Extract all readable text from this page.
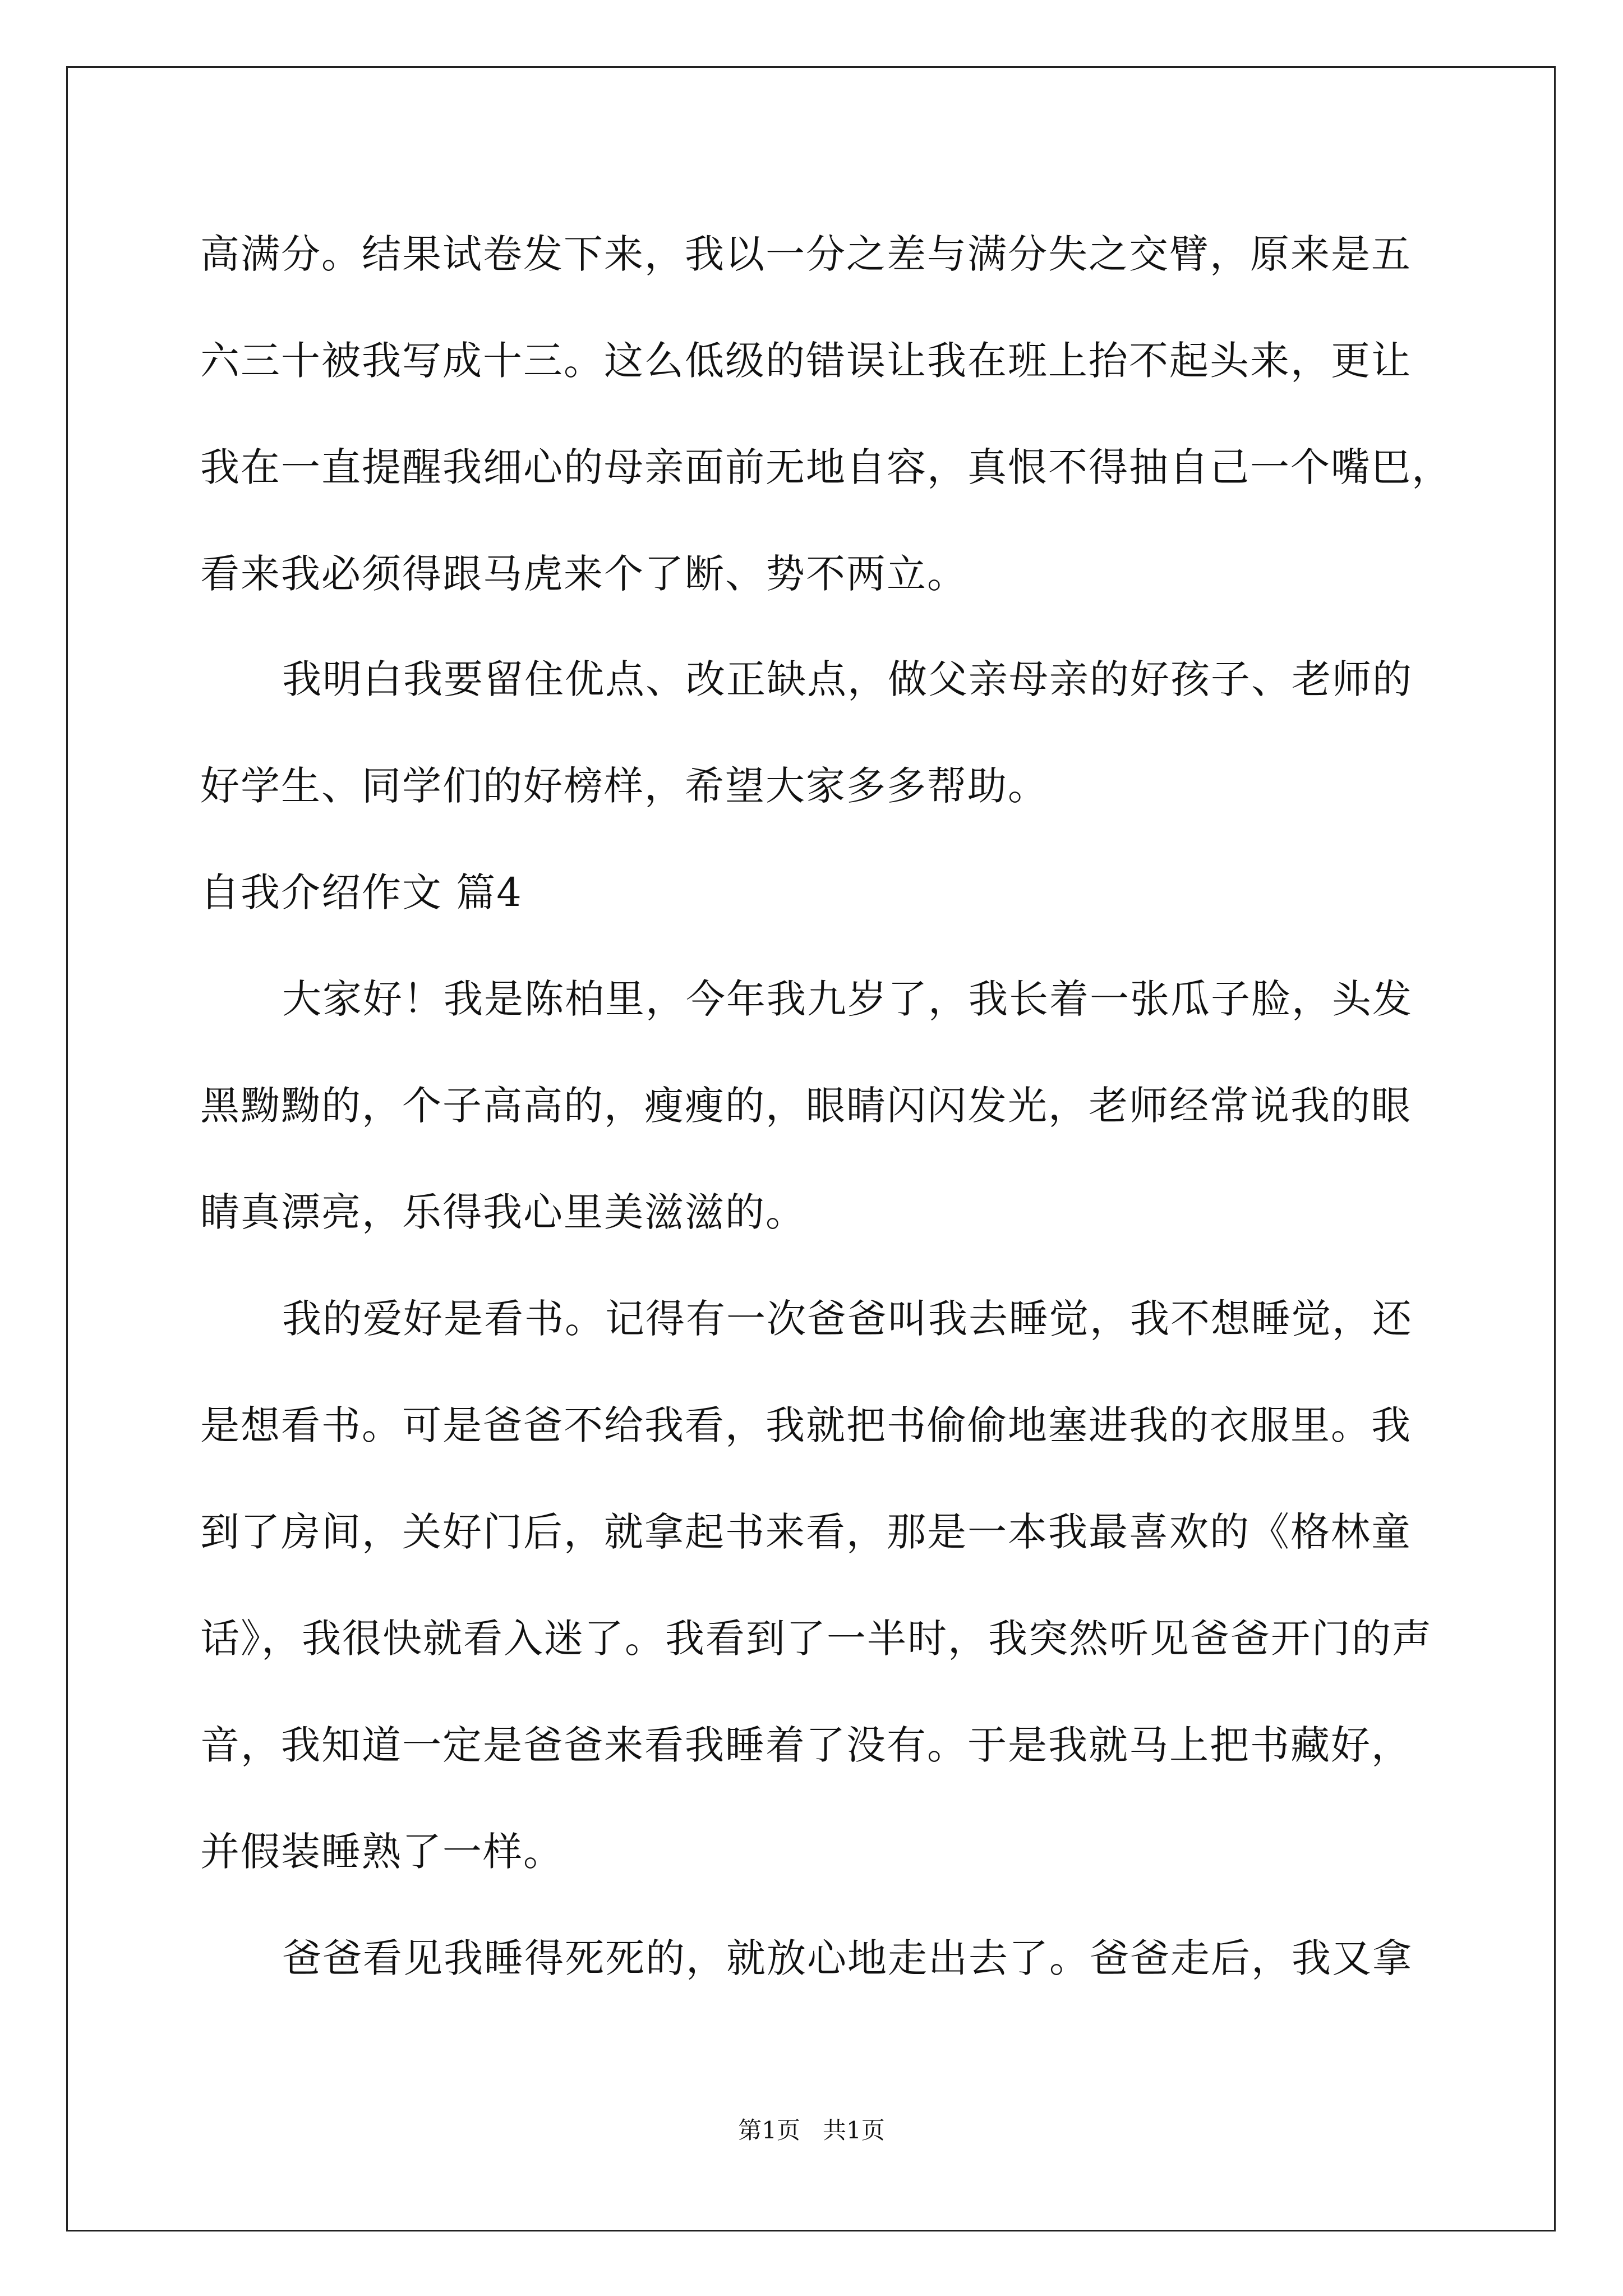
高满分。结果试卷发下来，我以一分之差与满分失之交臂，原来是五
六三十被我写成十三。这么低级的错误让我在班上抬不起头来，更让
我在一直提醒我细心的母亲面前无地自容，真恨不得抽自己一个嘴巴，
看来我必须得跟马虎来个了断、势不两立。
我明白我要留住优点、改正缺点，做父亲母亲的好孩子、老师的
好学生、同学们的好榜样，希望大家多多帮助。
自我介绍作文 篇4
大家好！我是陈柏里，今年我九岁了，我长着一张瓜子脸，头发
黑黝黝的，个子高高的，瘦瘦的，眼睛闪闪发光，老师经常说我的眼
睛真漂亮，乐得我心里美滋滋的。
我的爱好是看书。记得有一次爸爸叫我去睡觉，我不想睡觉，还
是想看书。可是爸爸不给我看，我就把书偷偷地塞进我的衣服里。我
到了房间，关好门后，就拿起书来看，那是一本我最喜欢的《格林童
话》，我很快就看入迷了。我看到了一半时，我突然听见爸爸开门的声
音，我知道一定是爸爸来看我睡着了没有。于是我就马上把书藏好，
并假装睡熟了一样。
爸爸看见我睡得死死的，就放心地走出去了。爸爸走后，我又拿
第1页   共1页
